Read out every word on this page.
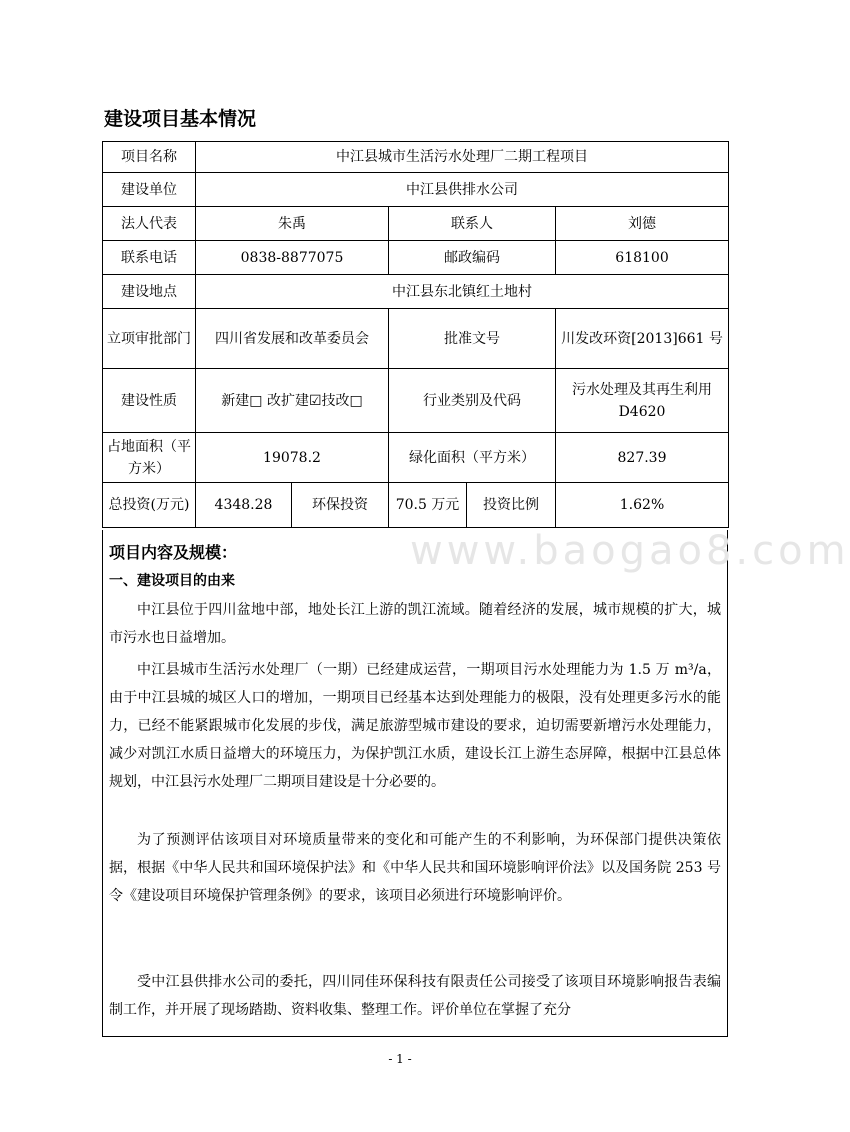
建设项目基本情况
项目名称	中江县城市生活污水处理厂二期工程项目				
建设单位	中江县供排水公司				
法人代表	朱禹		联系人		刘德
联系电话	0838-8877075		邮政编码		618100
建设地点	中江县东北镇红土地村				
立项审批部门	四川省发展和改革委员会		批准文号		川发改环资[2013]661 号
建设性质	新建□ 改扩建☑技改□		行业类别及代码		污水处理及其再生利用 D4620
占地面积（平方米）	19078.2		绿化面积（平方米）		827.39
总投资(万元)	4348.28	环保投资	70.5 万元	投资比例	1.62%
项目内容及规模：
一、建设项目的由来

中江县位于四川盆地中部，地处长江上游的凯江流域。随着经济的发展，城市规模的扩大，城市污水也日益增加。

中江县城市生活污水处理厂（一期）已经建成运营，一期项目污水处理能力为 1.5 万 m³/a，由于中江县城的城区人口的增加，一期项目已经基本达到处理能力的极限，没有处理更多污水的能力，已经不能紧跟城市化发展的步伐，满足旅游型城市建设的要求，迫切需要新增污水处理能力，减少对凯江水质日益增大的环境压力，为保护凯江水质，建设长江上游生态屏障，根据中江县总体规划，中江县污水处理厂二期项目建设是十分必要的。

为了预测评估该项目对环境质量带来的变化和可能产生的不利影响，为环保部门提供决策依据，根据《中华人民共和国环境保护法》和《中华人民共和国环境影响评价法》以及国务院 253 号令《建设项目环境保护管理条例》的要求，该项目必须进行环境影响评价。

受中江县供排水公司的委托，四川同佳环保科技有限责任公司接受了该项目环境影响报告表编制工作，并开展了现场踏勘、资料收集、整理工作。评价单位在掌握了充分

www.baogao8.com
- 1 -
